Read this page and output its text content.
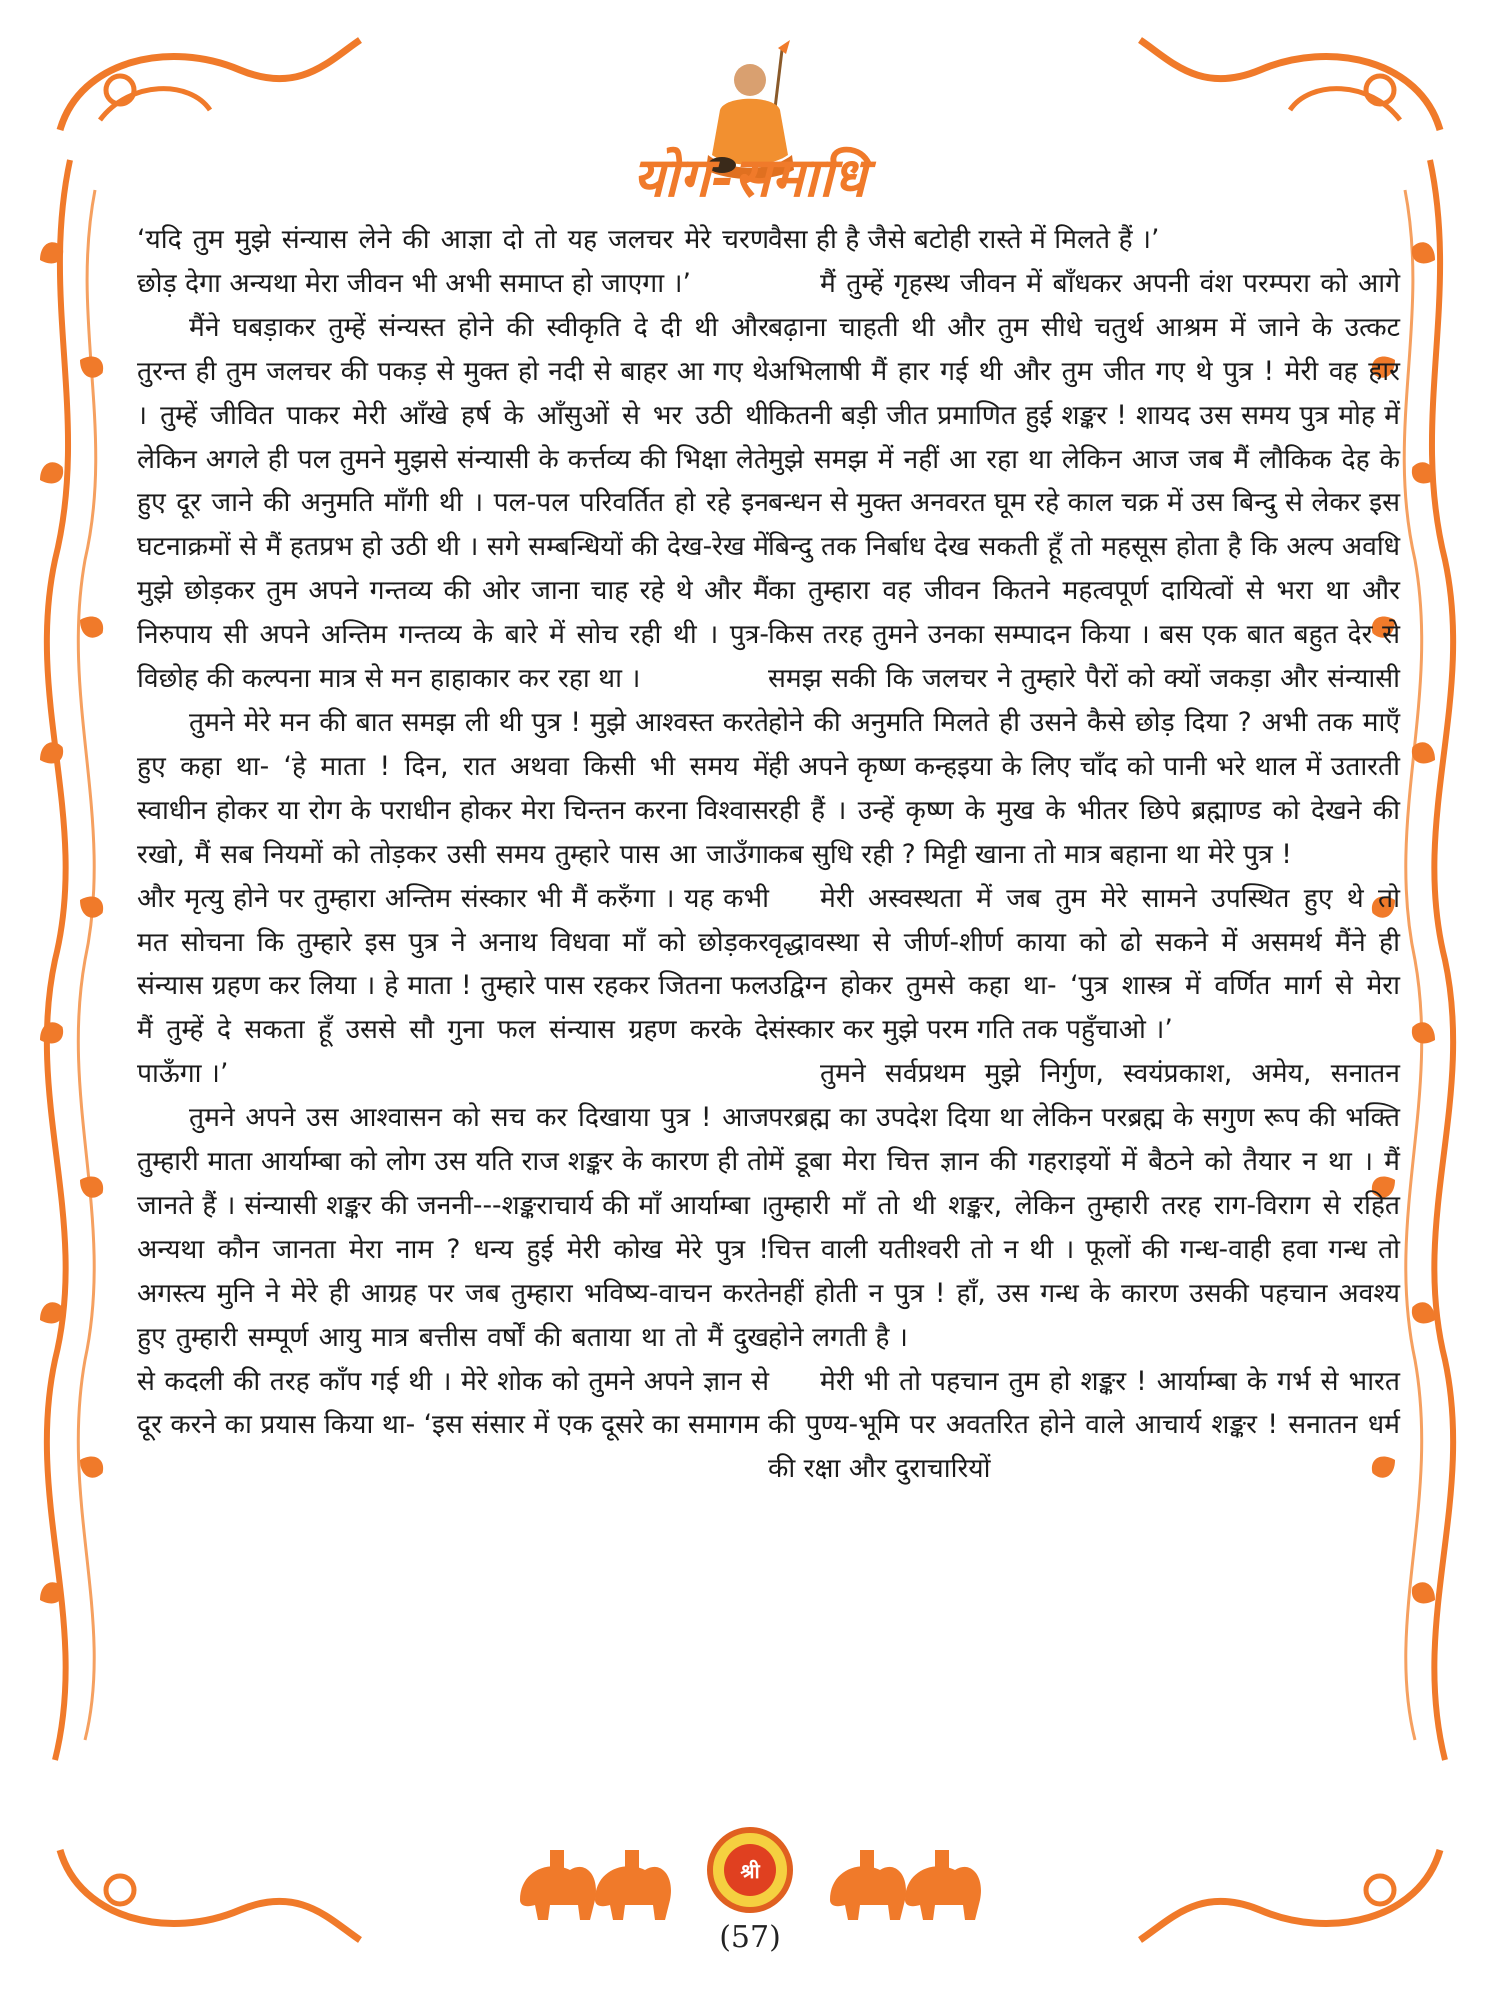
योग-समाधि

‘यदि तुम मुझे संन्यास लेने की आज्ञा दो तो यह जलचर मेरे चरण छोड़ देगा अन्यथा मेरा जीवन भी अभी समाप्त हो जाएगा ।’

मैंने घबड़ाकर तुम्हें संन्यस्त होने की स्वीकृति दे दी थी और तुरन्त ही तुम जलचर की पकड़ से मुक्त हो नदी से बाहर आ गए थे । तुम्हें जीवित पाकर मेरी आँखे हर्ष के आँसुओं से भर उठी थी लेकिन अगले ही पल तुमने मुझसे संन्यासी के कर्त्तव्य की भिक्षा लेते हुए दूर जाने की अनुमति माँगी थी । पल-पल परिवर्तित हो रहे इन घटनाक्रमों से मैं हतप्रभ हो उठी थी । सगे सम्बन्धियों की देख-रेख में मुझे छोड़कर तुम अपने गन्तव्य की ओर जाना चाह रहे थे और मैं निरुपाय सी अपने अन्तिम गन्तव्य के बारे में सोच रही थी । पुत्र-विछोह की कल्पना मात्र से मन हाहाकार कर रहा था ।

तुमने मेरे मन की बात समझ ली थी पुत्र ! मुझे आश्वस्त करते हुए कहा था- ‘हे माता ! दिन, रात अथवा किसी भी समय में स्वाधीन होकर या रोग के पराधीन होकर मेरा चिन्तन करना विश्वास रखो, मैं सब नियमों को तोड़कर उसी समय तुम्हारे पास आ जाउँगा और मृत्यु होने पर तुम्हारा अन्तिम संस्कार भी मैं करुँगा । यह कभी मत सोचना कि तुम्हारे इस पुत्र ने अनाथ विधवा माँ को छोड़कर संन्यास ग्रहण कर लिया । हे माता ! तुम्हारे पास रहकर जितना फल मैं तुम्हें दे सकता हूँ उससे सौ गुना फल संन्यास ग्रहण करके दे पाऊँगा ।’

तुमने अपने उस आश्वासन को सच कर दिखाया पुत्र ! आज तुम्हारी माता आर्याम्बा को लोग उस यति राज शङ्कर के कारण ही तो जानते हैं । संन्यासी शङ्कर की जननी---शङ्कराचार्य की माँ आर्याम्बा । अन्यथा कौन जानता मेरा नाम ? धन्य हुई मेरी कोख मेरे पुत्र ! अगस्त्य मुनि ने मेरे ही आग्रह पर जब तुम्हारा भविष्य-वाचन करते हुए तुम्हारी सम्पूर्ण आयु मात्र बत्तीस वर्षों की बताया था तो मैं दुख से कदली की तरह काँप गई थी । मेरे शोक को तुमने अपने ज्ञान से दूर करने का प्रयास किया था- ‘इस संसार में एक दूसरे का समागम

वैसा ही है जैसे बटोही रास्ते में मिलते हैं ।’

मैं तुम्हें गृहस्थ जीवन में बाँधकर अपनी वंश परम्परा को आगे बढ़ाना चाहती थी और तुम सीधे चतुर्थ आश्रम में जाने के उत्कट अभिलाषी मैं हार गई थी और तुम जीत गए थे पुत्र ! मेरी वह हार कितनी बड़ी जीत प्रमाणित हुई शङ्कर ! शायद उस समय पुत्र मोह में मुझे समझ में नहीं आ रहा था लेकिन आज जब मैं लौकिक देह के बन्धन से मुक्त अनवरत घूम रहे काल चक्र में उस बिन्दु से लेकर इस बिन्दु तक निर्बाध देख सकती हूँ तो महसूस होता है कि अल्प अवधि का तुम्हारा वह जीवन कितने महत्वपूर्ण दायित्वों से भरा था और किस तरह तुमने उनका सम्पादन किया । बस एक बात बहुत देर से समझ सकी कि जलचर ने तुम्हारे पैरों को क्यों जकड़ा और संन्यासी होने की अनुमति मिलते ही उसने कैसे छोड़ दिया ? अभी तक माएँ ही अपने कृष्ण कन्हइया के लिए चाँद को पानी भरे थाल में उतारती रही हैं । उन्हें कृष्ण के मुख के भीतर छिपे ब्रह्माण्ड को देखने की कब सुधि रही ? मिट्टी खाना तो मात्र बहाना था मेरे पुत्र !

मेरी अस्वस्थता में जब तुम मेरे सामने उपस्थित हुए थे तो वृद्धावस्था से जीर्ण-शीर्ण काया को ढो सकने में असमर्थ मैंने ही उद्विग्न होकर तुमसे कहा था- ‘पुत्र शास्त्र में वर्णित मार्ग से मेरा संस्कार कर मुझे परम गति तक पहुँचाओ ।’

तुमने सर्वप्रथम मुझे निर्गुण, स्वयंप्रकाश, अमेय, सनातन परब्रह्म का उपदेश दिया था लेकिन परब्रह्म के सगुण रूप की भक्ति में डूबा मेरा चित्त ज्ञान की गहराइयों में बैठने को तैयार न था । मैं तुम्हारी माँ तो थी शङ्कर, लेकिन तुम्हारी तरह राग-विराग से रहित चित्त वाली यतीश्वरी तो न थी । फूलों की गन्ध-वाही हवा गन्ध तो नहीं होती न पुत्र ! हाँ, उस गन्ध के कारण उसकी पहचान अवश्य होने लगती है ।

मेरी भी तो पहचान तुम हो शङ्कर ! आर्याम्बा के गर्भ से भारत की पुण्य-भूमि पर अवतरित होने वाले आचार्य शङ्कर ! सनातन धर्म की रक्षा और दुराचारियों

श्री
(57)
